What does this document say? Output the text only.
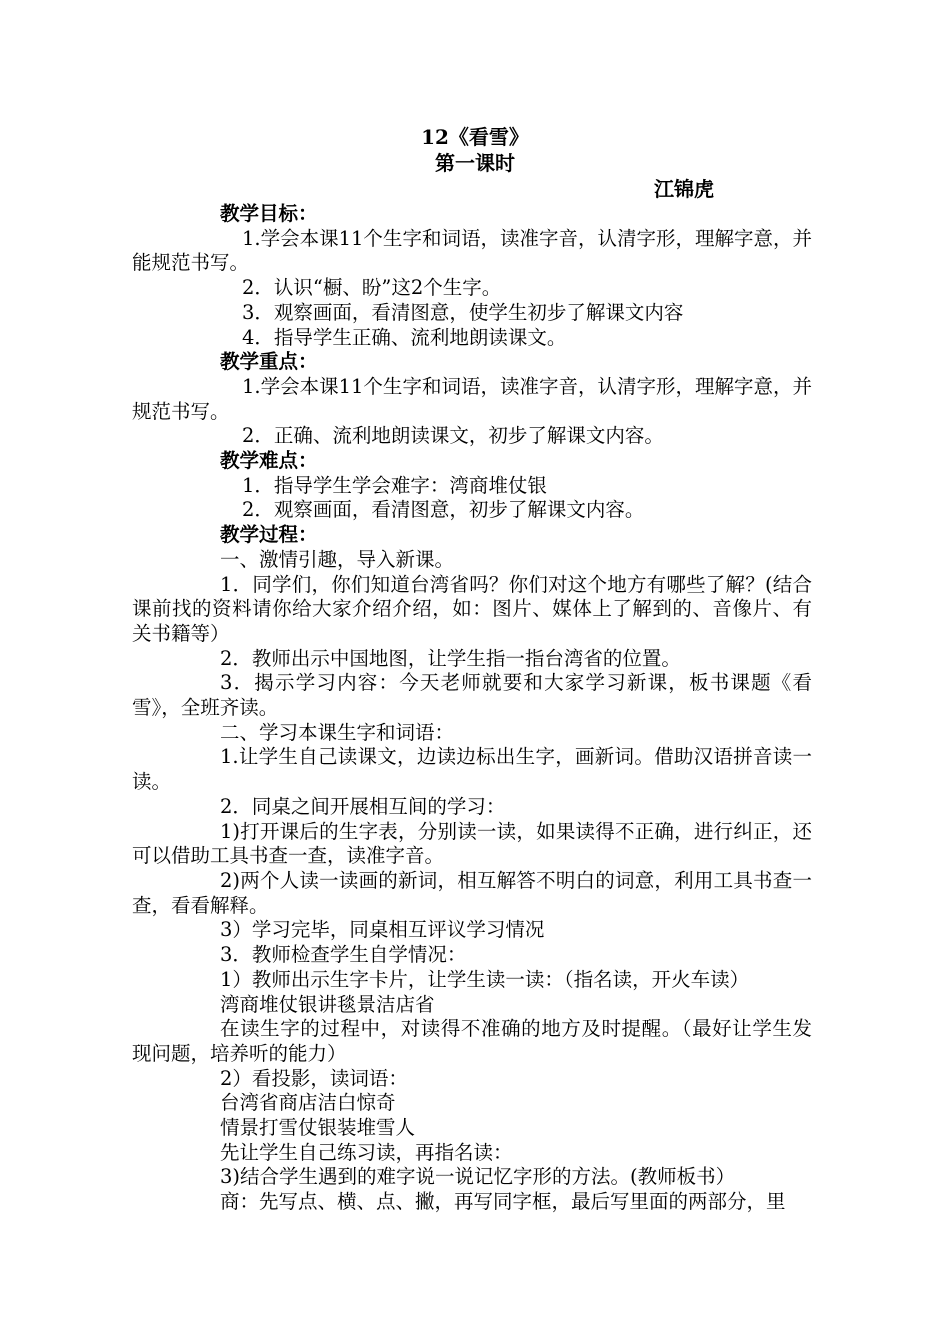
12《看雪》
第一课时
江锦虎

教学目标：

1.学会本课11个生字和词语，读准字音，认清字形，理解字意，并能规范书写。

2．认识“橱、盼”这2个生字。

3．观察画面，看清图意，使学生初步了解课文内容

4．指导学生正确、流利地朗读课文。

教学重点：

1.学会本课11个生字和词语，读准字音，认清字形，理解字意，并规范书写。

2．正确、流利地朗读课文，初步了解课文内容。

教学难点：

1．指导学生学会难字：湾商堆仗银

2．观察画面，看清图意，初步了解课文内容。

教学过程：

一、激情引趣，导入新课。

1．同学们，你们知道台湾省吗？你们对这个地方有哪些了解？(结合课前找的资料请你给大家介绍介绍，如：图片、媒体上了解到的、音像片、有关书籍等）

2．教师出示中国地图，让学生指一指台湾省的位置。

3．揭示学习内容：今天老师就要和大家学习新课，板书课题《看雪》，全班齐读。

二、学习本课生字和词语：

1.让学生自己读课文，边读边标出生字，画新词。借助汉语拼音读一读。

2．同桌之间开展相互间的学习：

1)打开课后的生字表，分别读一读，如果读得不正确，进行纠正，还可以借助工具书查一查，读准字音。

2)两个人读一读画的新词，相互解答不明白的词意，利用工具书查一查，看看解释。

3）学习完毕，同桌相互评议学习情况

3．教师检查学生自学情况：

1）教师出示生字卡片，让学生读一读：（指名读，开火车读）

湾商堆仗银讲毯景洁店省

在读生字的过程中，对读得不准确的地方及时提醒。（最好让学生发现问题，培养听的能力）

2）看投影，读词语：

台湾省商店洁白惊奇

情景打雪仗银装堆雪人

先让学生自己练习读，再指名读：

3)结合学生遇到的难字说一说记忆字形的方法。(教师板书）

商：先写点、横、点、撇，再写同字框，最后写里面的两部分，里
